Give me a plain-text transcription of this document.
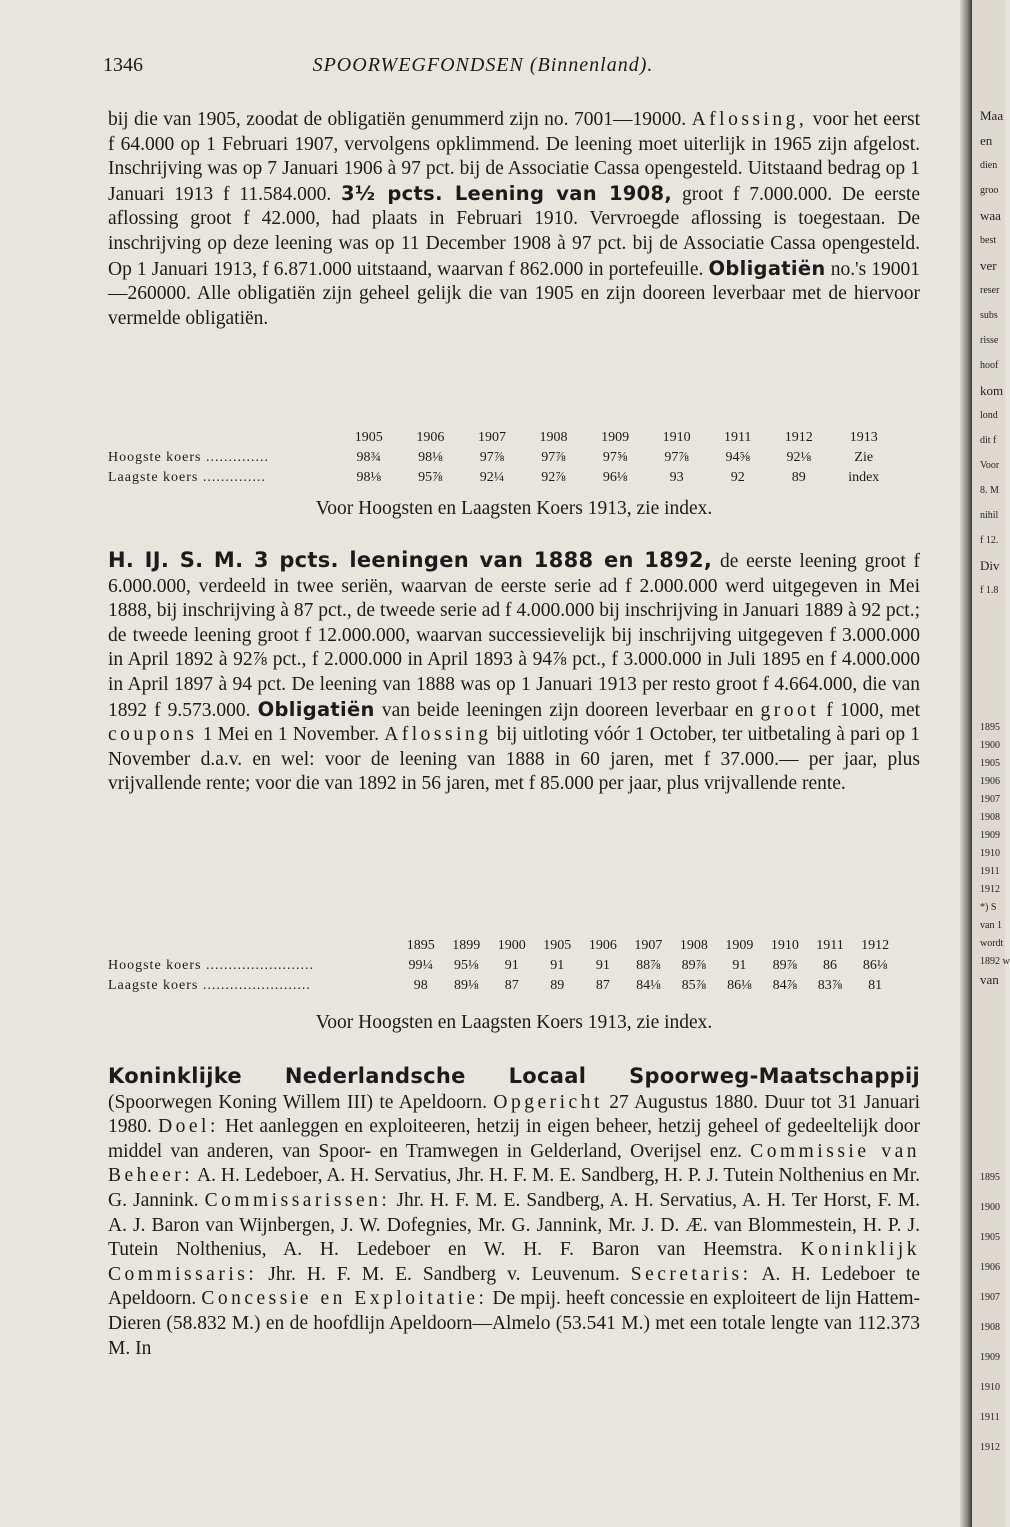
1346	SPOORWEGFONDSEN (Binnenland).
bij die van 1905, zoodat de obligatiën genummerd zijn no. 7001—19000. Aflossing, voor het eerst f 64.000 op 1 Februari 1907, vervolgens opklimmend. De leening moet uiterlijk in 1965 zijn afgelost. Inschrijving was op 7 Januari 1906 à 97 pct. bij de Associatie Cassa opengesteld. Uitstaand bedrag op 1 Januari 1913 f 11.584.000. 3½ pcts. Leening van 1908, groot f 7.000.000. De eerste aflossing groot f 42.000, had plaats in Februari 1910. Vervroegde aflossing is toegestaan. De inschrijving op deze leening was op 11 December 1908 à 97 pct. bij de Associatie Cassa opengesteld. Op 1 Januari 1913, f 6.871.000 uitstaand, waarvan f 862.000 in portefeuille. Obligatiën no.'s 19001—260000. Alle obligatiën zijn geheel gelijk die van 1905 en zijn dooreen leverbaar met de hiervoor vermelde obligatiën.
	1905	1906	1907	1908	1909	1910	1911	1912	1913
Hoogste koers ..............	98¾	98⅛	97⅞	97⅞	97⅝	97⅞	94⅝	92⅛	Zie
Laagste koers ..............	98⅛	95⅞	92¼	92⅞	96⅛	93	92	89	index
Voor Hoogsten en Laagsten Koers 1913, zie index.
H. IJ. S. M. 3 pcts. leeningen van 1888 en 1892, de eerste leening groot f 6.000.000, verdeeld in twee seriën, waarvan de eerste serie ad f 2.000.000 werd uitgegeven in Mei 1888, bij inschrijving à 87 pct., de tweede serie ad f 4.000.000 bij inschrijving in Januari 1889 à 92 pct.; de tweede leening groot f 12.000.000, waarvan successievelijk bij inschrijving uitgegeven f 3.000.000 in April 1892 à 92⅞ pct., f 2.000.000 in April 1893 à 94⅞ pct., f 3.000.000 in Juli 1895 en f 4.000.000 in April 1897 à 94 pct. De leening van 1888 was op 1 Januari 1913 per resto groot f 4.664.000, die van 1892 f 9.573.000. Obligatiën van beide leeningen zijn dooreen leverbaar en groot f 1000, met coupons 1 Mei en 1 November. Aflossing bij uitloting vóór 1 October, ter uitbetaling à pari op 1 November d.a.v. en wel: voor de leening van 1888 in 60 jaren, met f 37.000.— per jaar, plus vrijvallende rente; voor die van 1892 in 56 jaren, met f 85.000 per jaar, plus vrijvallende rente.
	1895	1899	1900	1905	1906	1907	1908	1909	1910	1911	1912
Hoogste koers ........................	99¼	95⅛	91	91	91	88⅞	89⅞	91	89⅞	86	86⅛
Laagste koers ........................	98	89⅛	87	89	87	84⅛	85⅞	86⅛	84⅞	83⅞	81
Voor Hoogsten en Laagsten Koers 1913, zie index.
Koninklijke Nederlandsche Locaal Spoorweg-Maatschappij (Spoorwegen Koning Willem III) te Apeldoorn. Opgericht 27 Augustus 1880. Duur tot 31 Januari 1980. Doel: Het aanleggen en exploiteeren, hetzij in eigen beheer, hetzij geheel of gedeeltelijk door middel van anderen, van Spoor- en Tramwegen in Gelderland, Overijsel enz. Commissie van Beheer: A. H. Ledeboer, A. H. Servatius, Jhr. H. F. M. E. Sandberg, H. P. J. Tutein Nolthenius en Mr. G. Jannink. Commissarissen: Jhr. H. F. M. E. Sandberg, A. H. Servatius, A. H. Ter Horst, F. M. A. J. Baron van Wijnbergen, J. W. Dofegnies, Mr. G. Jannink, Mr. J. D. Æ. van Blommestein, H. P. J. Tutein Nolthenius, A. H. Ledeboer en W. H. F. Baron van Heemstra. Koninklijk Commissaris: Jhr. H. F. M. E. Sandberg v. Leuvenum. Secretaris: A. H. Ledeboer te Apeldoorn. Concessie en Exploitatie: De mpij. heeft concessie en exploiteert de lijn Hattem-Dieren (58.832 M.) en de hoofdlijn Apeldoorn—Almelo (53.541 M.) met een totale lengte van 112.373 M. In
Maa
en
dien
groo
waa
best
ver
reser
subs
risse
hoof
kom
lond
dit f
Voor
8. M
nihil
f 12.
Div
f 1.8
1895
1900
1905
1906
1907
1908
1909
1910
1911
1912
*) S
van 1
wordt
1892 w
van
1895
1900
1905
1906
1907
1908
1909
1910
1911
1912
